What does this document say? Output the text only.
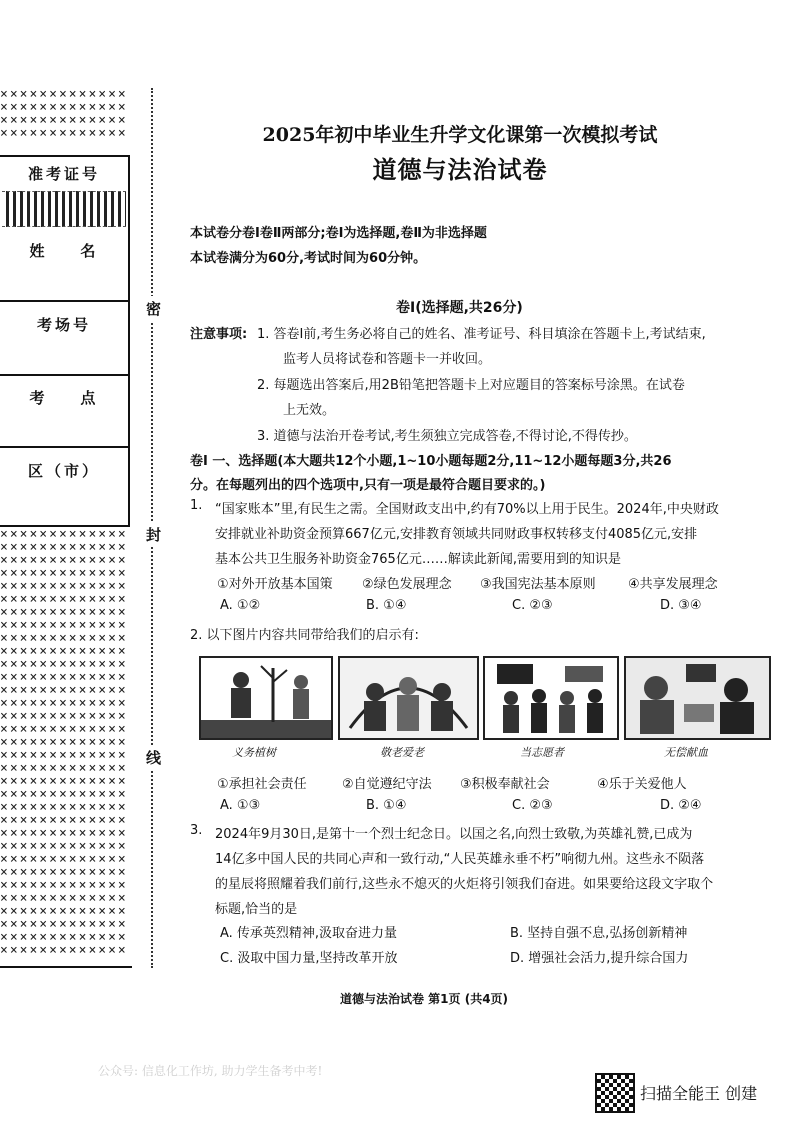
×××××××××××××
×××××××××××××
×××××××××××××
×××××××××××××
准考证号
姓    名
考场号
考    点
区（市）
×××××××××××××
×××××××××××××
×××××××××××××
×××××××××××××
×××××××××××××
×××××××××××××
×××××××××××××
×××××××××××××
×××××××××××××
×××××××××××××
×××××××××××××
×××××××××××××
×××××××××××××
×××××××××××××
×××××××××××××
×××××××××××××
×××××××××××××
×××××××××××××
×××××××××××××
×××××××××××××
×××××××××××××
×××××××××××××
×××××××××××××
×××××××××××××
×××××××××××××
×××××××××××××
×××××××××××××
×××××××××××××
×××××××××××××
×××××××××××××
×××××××××××××
×××××××××××××
×××××××××××××
密
封
线
2025年初中毕业生升学文化课第一次模拟考试
道德与法治试卷
本试卷分卷Ⅰ卷Ⅱ两部分;卷Ⅰ为选择题,卷Ⅱ为非选择题
本试卷满分为60分,考试时间为60分钟。
卷Ⅰ(选择题,共26分)
注意事项: 1. 答卷Ⅰ前,考生务必将自己的姓名、准考证号、科目填涂在答题卡上,考试结束,
监考人员将试卷和答题卡一并收回。
2. 每题选出答案后,用2B铅笔把答题卡上对应题目的答案标号涂黑。在试卷
上无效。
3. 道德与法治开卷考试,考生须独立完成答卷,不得讨论,不得传抄。
卷Ⅰ 一、选择题(本大题共12个小题,1~10小题每题2分,11~12小题每题3分,共26
分。在每题列出的四个选项中,只有一项是最符合题目要求的。)
1. “国家账本”里,有民生之需。全国财政支出中,约有70%以上用于民生。2024年,中央财政
安排就业补助资金预算667亿元,安排教育领域共同财政事权转移支付4085亿元,安排
基本公共卫生服务补助资金765亿元……解读此新闻,需要用到的知识是
①对外开放基本国策 ②绿色发展理念 ③我国宪法基本原则 ④共享发展理念
A. ①②	B. ①④	C. ②③	D. ③④
2. 以下图片内容共同带给我们的启示有:
义务植树	敬老爱老	当志愿者	无偿献血
①承担社会责任	②自觉遵纪守法 ③积极奉献社会	④乐于关爱他人
A. ①③	B. ①④	C. ②③	D. ②④
3. 2024年9月30日,是第十一个烈士纪念日。以国之名,向烈士致敬,为英雄礼赞,已成为
14亿多中国人民的共同心声和一致行动,“人民英雄永垂不朽”响彻九州。这些永不陨落
的星辰将照耀着我们前行,这些永不熄灭的火炬将引领我们奋进。如果要给这段文字取个
标题,恰当的是
A. 传承英烈精神,汲取奋进力量	B. 坚持自强不息,弘扬创新精神
C. 汲取中国力量,坚持改革开放	D. 增强社会活力,提升综合国力
道德与法治试卷 第1页 (共4页)
公众号: 信息化工作坊, 助力学生备考中考!
扫描全能王 创建
